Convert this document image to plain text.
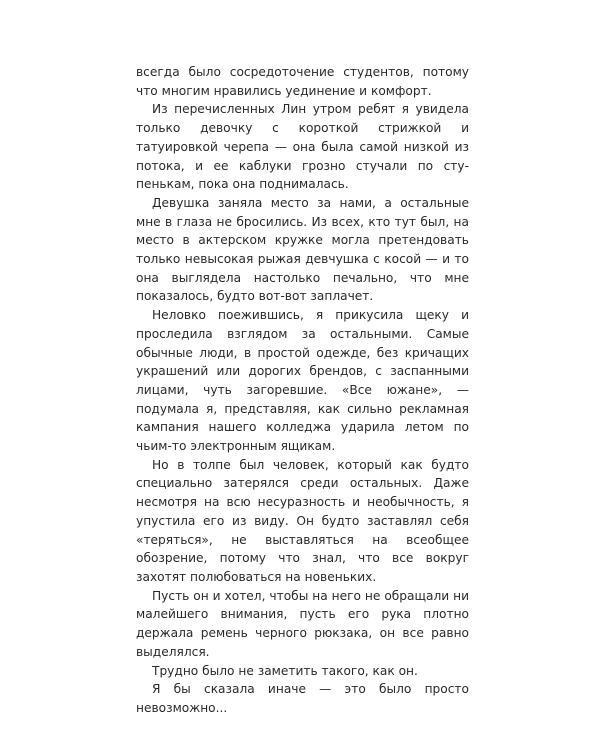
всегда было сосредоточение студентов, потому что многим нравились уединение и комфорт.

Из перечисленных Лин утром ребят я увидела только девочку с короткой стрижкой и татуировкой черепа — она была самой низкой из потока, и ее каблуки грозно стучали по ступенькам, пока она поднималась.

Девушка заняла место за нами, а остальные мне в глаза не бросились. Из всех, кто тут был, на место в актерском кружке могла претендовать только невысокая рыжая девчушка с косой — и то она выглядела настолько печально, что мне показалось, будто вот-вот заплачет.

Неловко поежившись, я прикусила щеку и проследила взглядом за остальными. Самые обычные люди, в простой одежде, без кричащих украшений или дорогих брендов, с заспанными лицами, чуть загоревшие. «Все южане», — подумала я, представляя, как сильно рекламная кампания нашего колледжа ударила летом по чьим-то электронным ящикам.

Но в толпе был человек, который как будто специально затерялся среди остальных. Даже несмотря на всю несуразность и необычность, я упустила его из виду. Он будто заставлял себя «теряться», не выставляться на всеобщее обозрение, потому что знал, что все вокруг захотят полюбоваться на новеньких.

Пусть он и хотел, чтобы на него не обращали ни малейшего внимания, пусть его рука плотно держала ремень черного рюкзака, он все равно выделялся.

Трудно было не заметить такого, как он.

Я бы сказала иначе — это было просто невозможно...
